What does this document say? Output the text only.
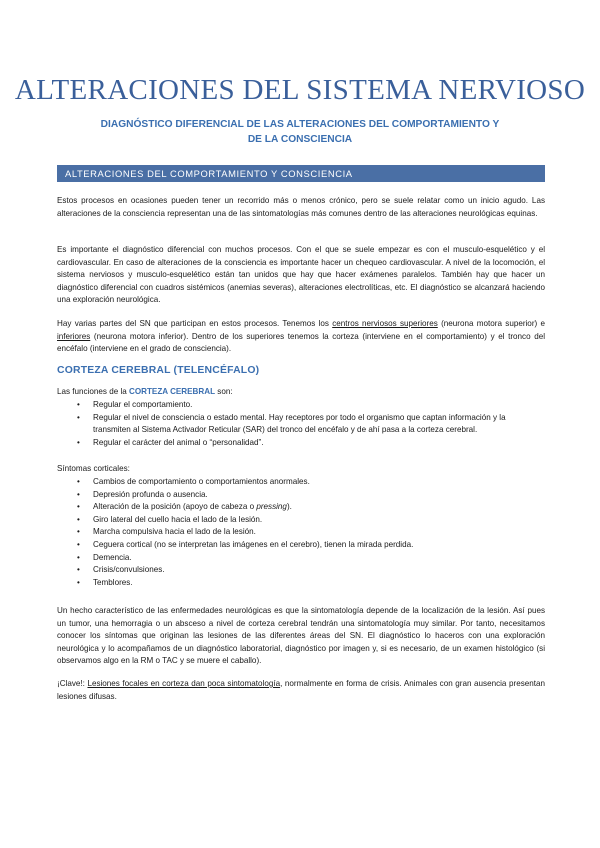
ALTERACIONES DEL SISTEMA NERVIOSO
DIAGNÓSTICO DIFERENCIAL DE LAS ALTERACIONES DEL COMPORTAMIENTO Y DE LA CONSCIENCIA
ALTERACIONES DEL COMPORTAMIENTO Y CONSCIENCIA
Estos procesos en ocasiones pueden tener un recorrido más o menos crónico, pero se suele relatar como un inicio agudo. Las alteraciones de la consciencia representan una de las sintomatologías más comunes dentro de las alteraciones neurológicas equinas.
Es importante el diagnóstico diferencial con muchos procesos. Con el que se suele empezar es con el musculo-esquelético y el cardiovascular. En caso de alteraciones de la consciencia es importante hacer un chequeo cardiovascular. A nivel de la locomoción, el sistema nerviosos y musculo-esquelético están tan unidos que hay que hacer exámenes paralelos. También hay que hacer un diagnóstico diferencial con cuadros sistémicos (anemias severas), alteraciones electrolíticas, etc. El diagnóstico se alcanzará haciendo una exploración neurológica.
Hay varias partes del SN que participan en estos procesos. Tenemos los centros nerviosos superiores (neurona motora superior) e inferiores (neurona motora inferior). Dentro de los superiores tenemos la corteza (interviene en el comportamiento) y el tronco del encéfalo (interviene en el grado de consciencia).
CORTEZA CEREBRAL (TELENCÉFALO)
Las funciones de la CORTEZA CEREBRAL son:
• Regular el comportamiento.
• Regular el nivel de consciencia o estado mental. Hay receptores por todo el organismo que captan información y la transmiten al Sistema Activador Reticular (SAR) del tronco del encéfalo y de ahí pasa a la corteza cerebral.
• Regular el carácter del animal o “personalidad”.
Síntomas corticales:
• Cambios de comportamiento o comportamientos anormales.
• Depresión profunda o ausencia.
• Alteración de la posición (apoyo de cabeza o pressing).
• Giro lateral del cuello hacia el lado de la lesión.
• Marcha compulsiva hacia el lado de la lesión.
• Ceguera cortical (no se interpretan las imágenes en el cerebro), tienen la mirada perdida.
• Demencia.
• Crisis/convulsiones.
• Temblores.
Un hecho característico de las enfermedades neurológicas es que la sintomatología depende de la localización de la lesión. Así pues un tumor, una hemorragia o un absceso a nivel de corteza cerebral tendrán una sintomatología muy similar. Por tanto, necesitamos conocer los síntomas que originan las lesiones de las diferentes áreas del SN. El diagnóstico lo haceros con una exploración neurológica y lo acompañamos de un diagnóstico laboratorial, diagnóstico por imagen y, si es necesario, de un examen histológico (si observamos algo en la RM o TAC y se muere el caballo).
¡Clave!: Lesiones focales en corteza dan poca sintomatología, normalmente en forma de crisis. Animales con gran ausencia presentan lesiones difusas.
